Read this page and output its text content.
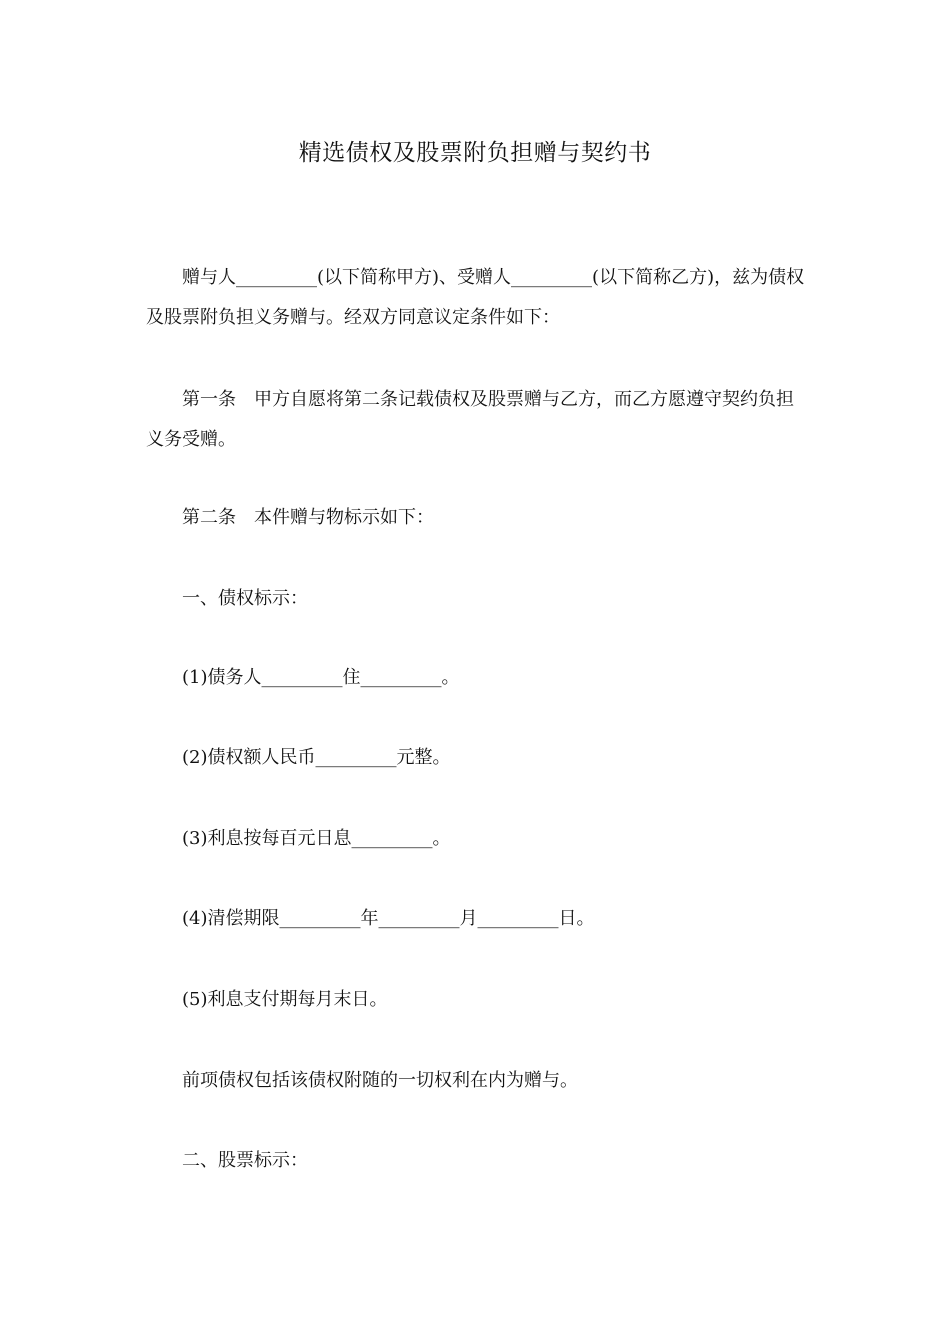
精选债权及股票附负担赠与契约书
赠与人_________(以下简称甲方)、受赠人_________(以下简称乙方)，兹为债权及股票附负担义务赠与。经双方同意议定条件如下：
第一条　甲方自愿将第二条记载债权及股票赠与乙方，而乙方愿遵守契约负担义务受赠。
第二条　本件赠与物标示如下：
一、债权标示：
(1)债务人_________住_________。
(2)债权额人民币_________元整。
(3)利息按每百元日息_________。
(4)清偿期限_________年_________月_________日。
(5)利息支付期每月末日。
前项债权包括该债权附随的一切权利在内为赠与。
二、股票标示：
